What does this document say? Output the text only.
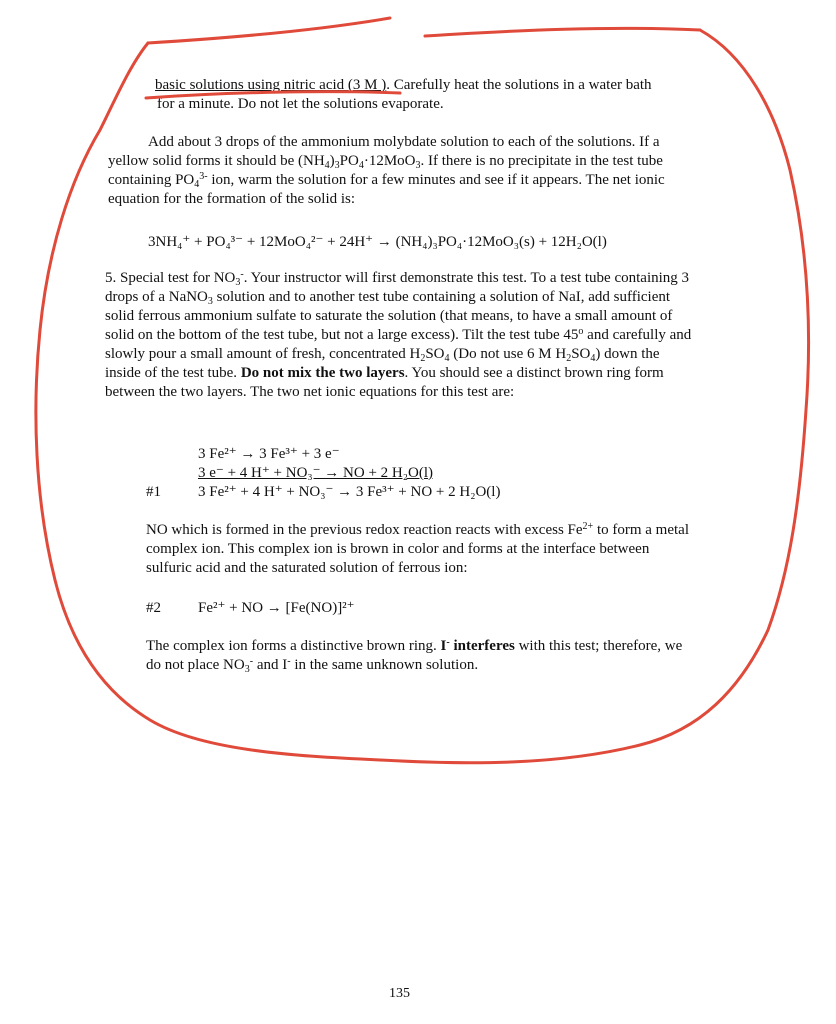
basic solutions using nitric acid (3 M ). Carefully heat the solutions in a water bath
for a minute. Do not let the solutions evaporate.
Add about 3 drops of the ammonium molybdate solution to each of the solutions. If a yellow solid forms it should be $(NH_4)_3PO_4\cdot 12MoO_3$. If there is no precipitate in the test tube containing $PO_4^{3-}$ ion, warm the solution for a few minutes and see if it appears. The net ionic equation for the formation of the solid is:
3NH₄⁺ + PO₄³⁻ + 12MoO₄²⁻ + 24H⁺ → (NH₄)₃PO₄·12MoO₃(s) + 12H₂O(l)
5. Special test for $NO_3^-$. Your instructor will first demonstrate this test. To a test tube containing 3 drops of a NaNO$_3$ solution and to another test tube containing a solution of NaI, add sufficient solid ferrous ammonium sulfate to saturate the solution (that means, to have a small amount of solid on the bottom of the test tube, but not a large excess). Tilt the test tube 45$^o$ and carefully and slowly pour a small amount of fresh, concentrated $H_2SO_4$ (Do not use 6 M $H_2SO_4$) down the inside of the test tube. Do not mix the two layers. You should see a distinct brown ring form between the two layers. The two net ionic equations for this test are:
3 Fe²⁺ → 3 Fe³⁺ + 3 e⁻
3 e⁻ + 4 H⁺ + NO₃⁻ → NO + 2 H₂O(l)
#1 3 Fe²⁺ + 4 H⁺ + NO₃⁻ → 3 Fe³⁺ + NO + 2 H₂O(l)
NO which is formed in the previous redox reaction reacts with excess $Fe^{2+}$ to form a metal complex ion. This complex ion is brown in color and forms at the interface between sulfuric acid and the saturated solution of ferrous ion:
#2 Fe²⁺ + NO → [Fe(NO)]²⁺
The complex ion forms a distinctive brown ring. I- interferes with this test; therefore, we do not place $NO_3^-$ and I- in the same unknown solution.
135
